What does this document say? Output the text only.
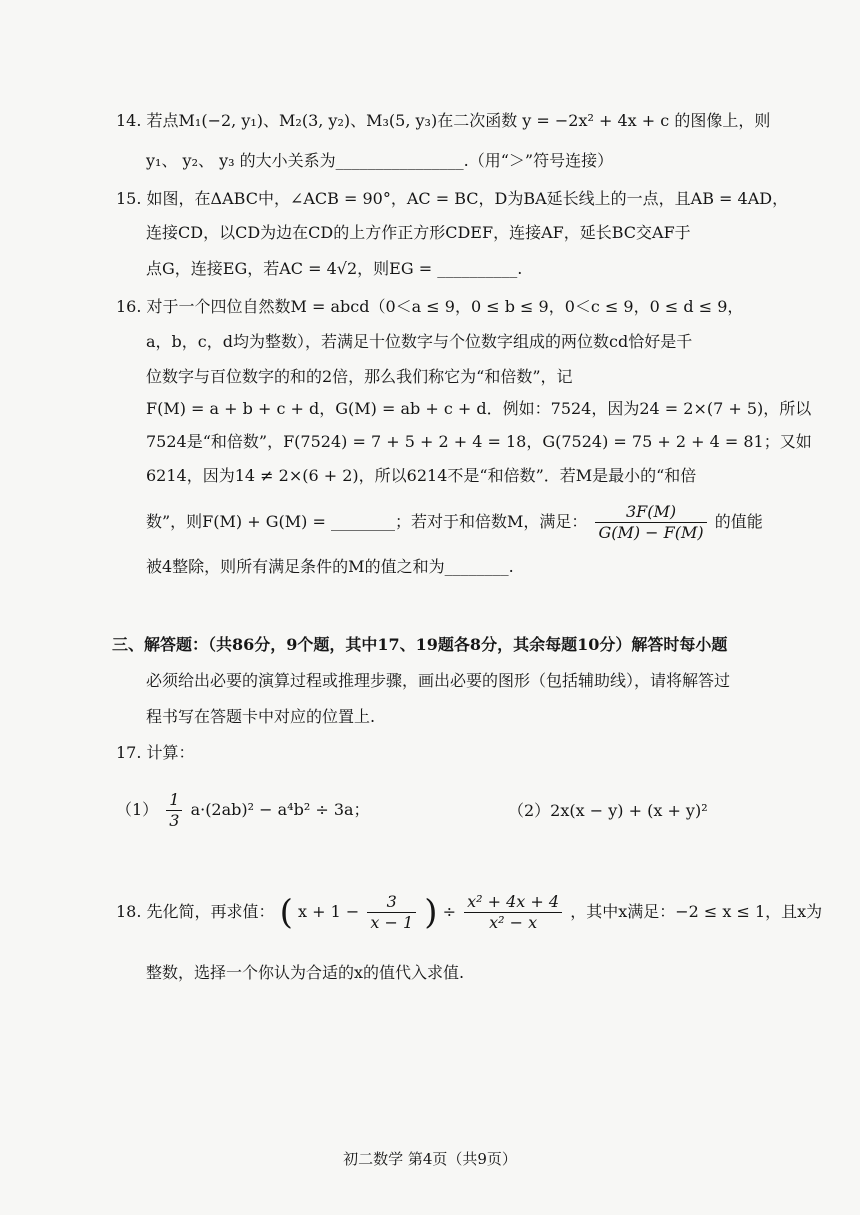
14. 若点M₁(−2, y₁)、M₂(3, y₂)、M₃(5, y₃)在二次函数 y = −2x² + 4x + c 的图像上，则
y₁、 y₂、 y₃ 的大小关系为________________.（用“＞”符号连接）
15. 如图，在ΔABC中，∠ACB = 90°，AC = BC，D为BA延长线上的一点，且AB = 4AD，
连接CD，以CD为边在CD的上方作正方形CDEF，连接AF，延长BC交AF于
点G，连接EG，若AC = 4√2，则EG = __________.
16. 对于一个四位自然数M = abcd（0＜a ≤ 9，0 ≤ b ≤ 9，0＜c ≤ 9，0 ≤ d ≤ 9，
a，b，c，d均为整数），若满足十位数字与个位数字组成的两位数cd恰好是千
位数字与百位数字的和的2倍，那么我们称它为“和倍数”，记
F(M) = a + b + c + d，G(M) = ab + c + d．例如：7524，因为24 = 2×(7 + 5)，所以
7524是“和倍数”，F(7524) = 7 + 5 + 2 + 4 = 18，G(7524) = 75 + 2 + 4 = 81；又如
6214，因为14 ≠ 2×(6 + 2)，所以6214不是“和倍数”．若M是最小的“和倍
数”，则F(M) + G(M) = ________；若对于和倍数M，满足： $\frac{3F(M)}{G(M) - F(M)}$ 的值能
被4整除，则所有满足条件的M的值之和为________.
三、解答题：（共86分，9个题，其中17、19题各8分，其余每题10分）解答时每小题
必须给出必要的演算过程或推理步骤，画出必要的图形（包括辅助线），请将解答过
程书写在答题卡中对应的位置上.
17. 计算：
$(1) \frac{1}{3} a\cdot(2ab)^2 - a^4b^2 \div 3a$；	（2）2x(x − y) + (x + y)²
18. 先化简，再求值： ( $x + 1 - \frac{3}{x - 1}$ ) ÷ $\frac{\text{x² + 4x + 4}}{\text{x² − x}}$ ，其中x满足：−2 ≤ x ≤ 1，且x为
整数，选择一个你认为合适的x的值代入求值.
初二数学 第4页（共9页）
